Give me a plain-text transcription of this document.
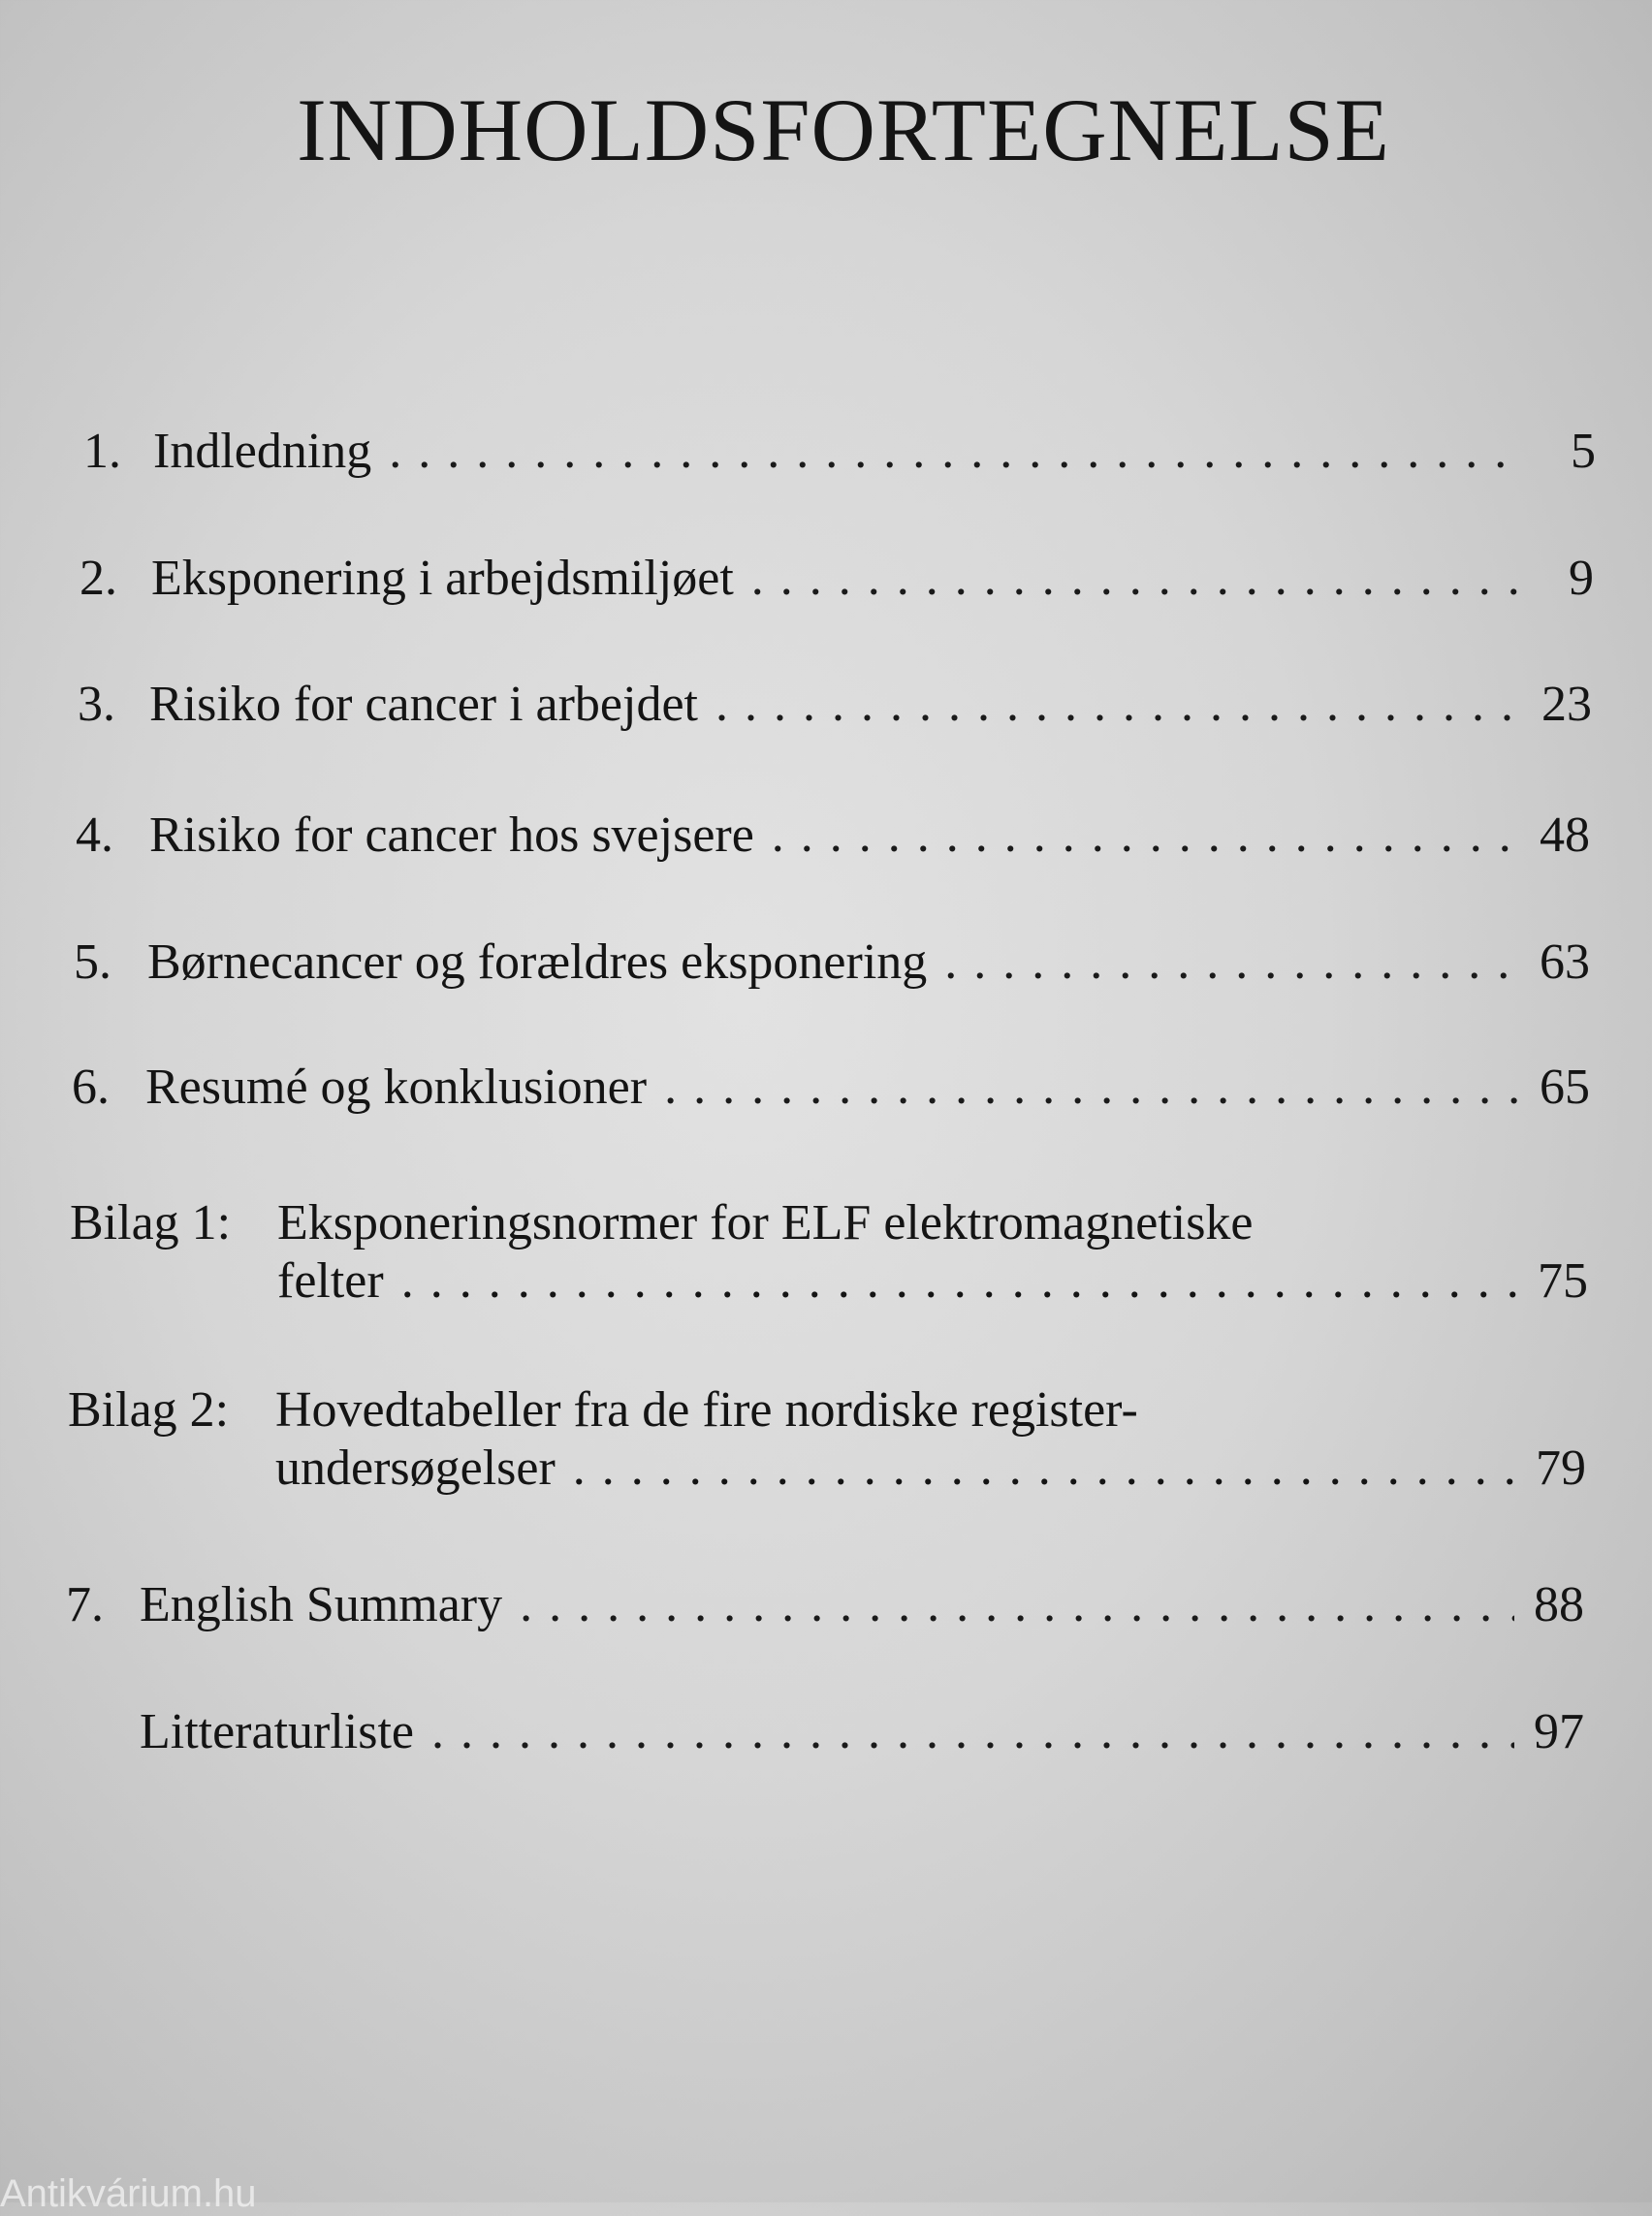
INDHOLDSFORTEGNELSE
1. Indledning . . .	5
2. Eksponering i arbejdsmiljøet . . .	9
3. Risiko for cancer i arbejdet . . .	23
4. Risiko for cancer hos svejsere . . .	48
5. Børnecancer og forældres eksponering . . .	63
6. Resumé og konklusioner . . .	65
Bilag 1: Eksponeringsnormer for ELF elektromagnetiske
felter . . .	75
Bilag 2: Hovedtabeller fra de fire nordiske register-
undersøgelser . . .	79
7. English Summary . . .	88
Litteraturliste . . .	97
Antikvárium.hu
